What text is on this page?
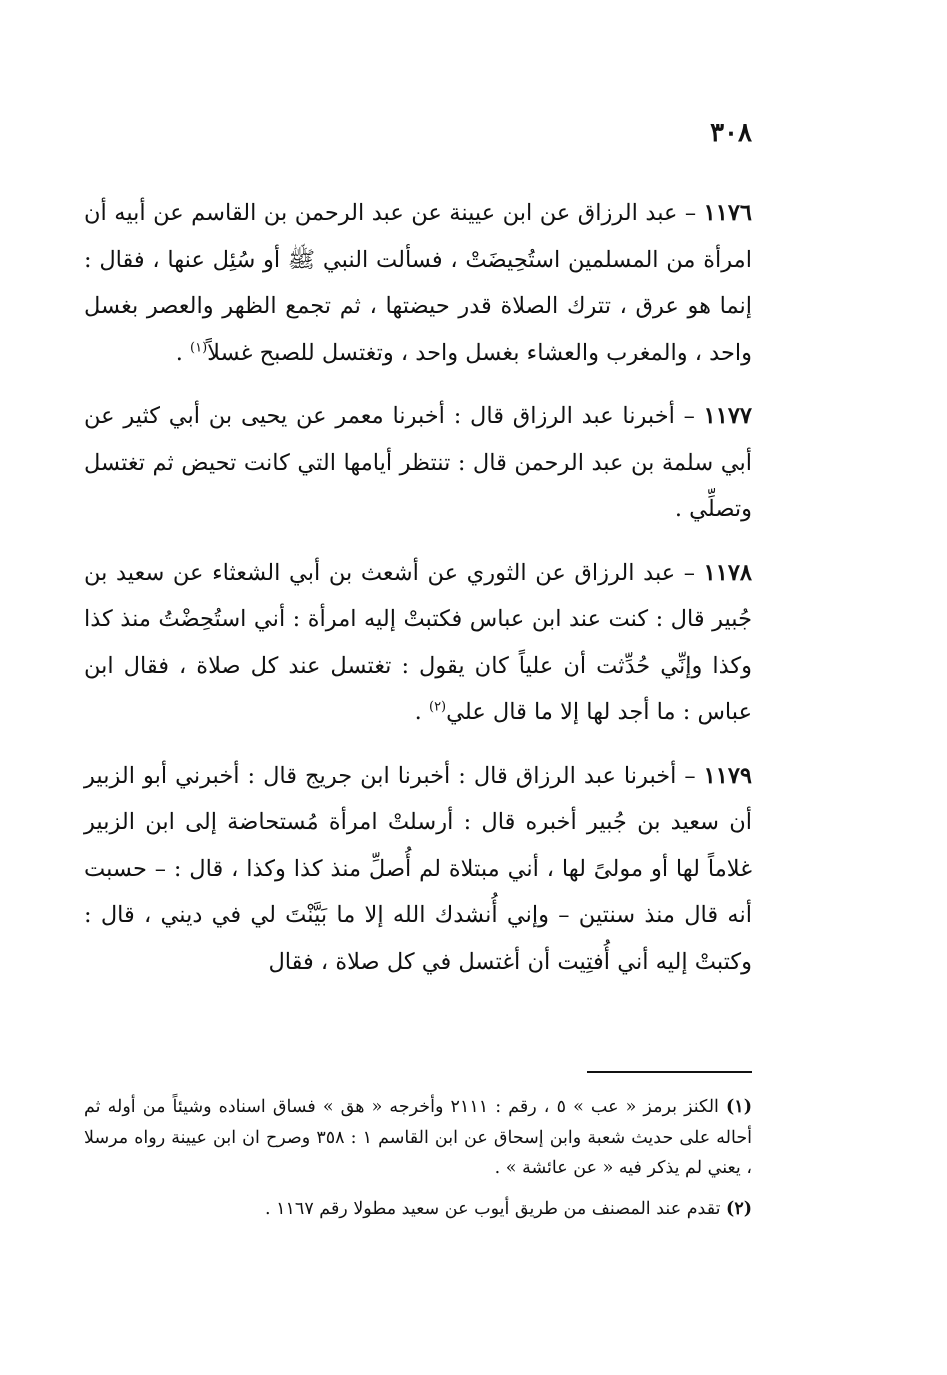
٣٠٨

١١٧٦ – عبد الرزاق عن ابن عيينة عن عبد الرحمن بن القاسم عن أبيه أن امرأة من المسلمين استُحِيضَتْ ، فسألت النبي ﷺ أو سُئِل عنها ، فقال : إنما هو عرق ، تترك الصلاة قدر حيضتها ، ثم تجمع الظهر والعصر بغسل واحد ، والمغرب والعشاء بغسل واحد ، وتغتسل للصبح غسلاً$^{(١)}$ .

١١٧٧ – أخبرنا عبد الرزاق قال : أخبرنا معمر عن يحيى بن أبي كثير عن أبي سلمة بن عبد الرحمن قال : تنتظر أيامها التي كانت تحيض ثم تغتسل وتصلِّي .

١١٧٨ – عبد الرزاق عن الثوري عن أشعث بن أبي الشعثاء عن سعيد بن جُبير قال : كنت عند ابن عباس فكتبتْ إليه امرأة : أني استُحِضْتُ منذ كذا وكذا وإنِّي حُدِّثت أن علياً كان يقول : تغتسل عند كل صلاة ، فقال ابن عباس : ما أجد لها إلا ما قال علي$^{(٢)}$ .

١١٧٩ – أخبرنا عبد الرزاق قال : أخبرنا ابن جريج قال : أخبرني أبو الزبير أن سعيد بن جُبير أخبره قال : أرسلتْ امرأة مُستحاضة إلى ابن الزبير غلاماً لها أو مولىً لها ، أني مبتلاة لم أُصلِّ منذ كذا وكذا ، قال : – حسبت أنه قال منذ سنتين – وإني أُنشدك الله إلا ما بَيَّنْتَ لي في ديني ، قال : وكتبتْ إليه أني أُفتِيت أن أغتسل في كل صلاة ، فقال

(١) الكنز برمز « عب » ٥ ، رقم : ٢١١١ وأخرجه « هق » فساق اسناده وشيئاً من أوله ثم أحاله على حديث شعبة وابن إسحاق عن ابن القاسم ١ : ٣٥٨ وصرح ان ابن عيينة رواه مرسلا ، يعني لم يذكر فيه « عن عائشة » .

(٢) تقدم عند المصنف من طريق أيوب عن سعيد مطولا رقم ١١٦٧ .
